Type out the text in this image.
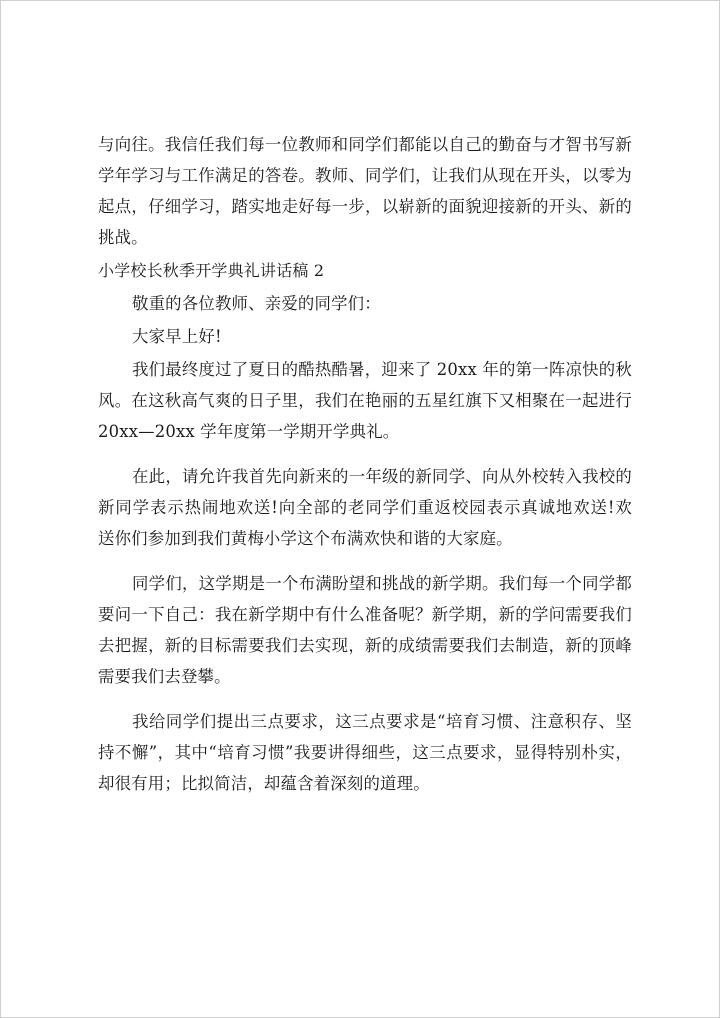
与向往。我信任我们每一位教师和同学们都能以自己的勤奋与才智书写新
学年学习与工作满足的答卷。教师、同学们，让我们从现在开头，以零为
起点，仔细学习，踏实地走好每一步，以崭新的面貌迎接新的开头、新的
挑战。
小学校长秋季开学典礼讲话稿 2
敬重的各位教师、亲爱的同学们：
大家早上好!
我们最终度过了夏日的酷热酷暑，迎来了 20xx 年的第一阵凉快的秋
风。在这秋高气爽的日子里，我们在艳丽的五星红旗下又相聚在一起进行
20xx—20xx 学年度第一学期开学典礼。
在此，请允许我首先向新来的一年级的新同学、向从外校转入我校的
新同学表示热闹地欢送!向全部的老同学们重返校园表示真诚地欢送!欢
送你们参加到我们黄梅小学这个布满欢快和谐的大家庭。
同学们，这学期是一个布满盼望和挑战的新学期。我们每一个同学都
要问一下自己：我在新学期中有什么准备呢？新学期，新的学问需要我们
去把握，新的目标需要我们去实现，新的成绩需要我们去制造，新的顶峰
需要我们去登攀。
我给同学们提出三点要求，这三点要求是“培育习惯、注意积存、坚
持不懈”，其中“培育习惯”我要讲得细些，这三点要求，显得特别朴实，
却很有用；比拟简洁，却蕴含着深刻的道理。
